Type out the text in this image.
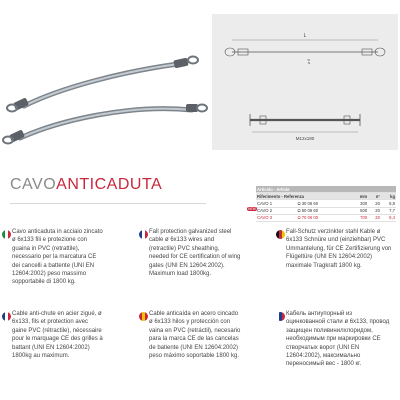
L
ø 6
M12x180
CAVOANTICADUTA	Articolo - Article				
Riferimento - Referenza		mm	n°	kg
CAVO 1	Ω 30 06 60	300	20	6,8
CAVO 2	Ω 50 06 60	500	20	7,7
CAVO 3	Ω 70 06 00	700	20	8,4
NEW
Cavo anticaduta in acciaio zincato ø 6x133 fili e protezione con guaina in PVC (retrattile), necessario per la marcatura CE dei cancelli a battente (UNI EN 12604:2002) peso massimo sopportabile di 1800 kg.
Fall protection galvanized steel cable ø 6x133 wires and (retractile) PVC sheathing, needed for CE certification of wing gates (UNI EN 12604:2002). Maximum load 1800kg.
Fall-Schutz verzinkter stahl Kable ø 6x133 Schnüre und (einziehbar) PVC Ummantelung, für CE Zertifizierung von Flügeltüre (UNI EN 12604:2002) maximale Tragkraft 1800 kg.
Cable anti-chute en acier zigué, ø 6x133, fils et protection avec gaine PVC (rétractile), nécessaire pour le marquage CE des grilles à battant (UNI EN 12604:2002) 1800kg au maximum.
Cable anticaída en acero cincado ø 6x133 hilos y protección con vaina en PVC (retráctil), necesario para la marca CE de las cancelas de batiente (UNI EN 12604:2002) peso máximo soportable 1800 kg.
Кабель антиупорный из оцинкованной стали ø 6x133, провод защищен поливинилхлоридом, необходимым при маркировки CE створчатых ворот (UNI EN 12604:2002), максимально переносимый вес - 1800 кг.
